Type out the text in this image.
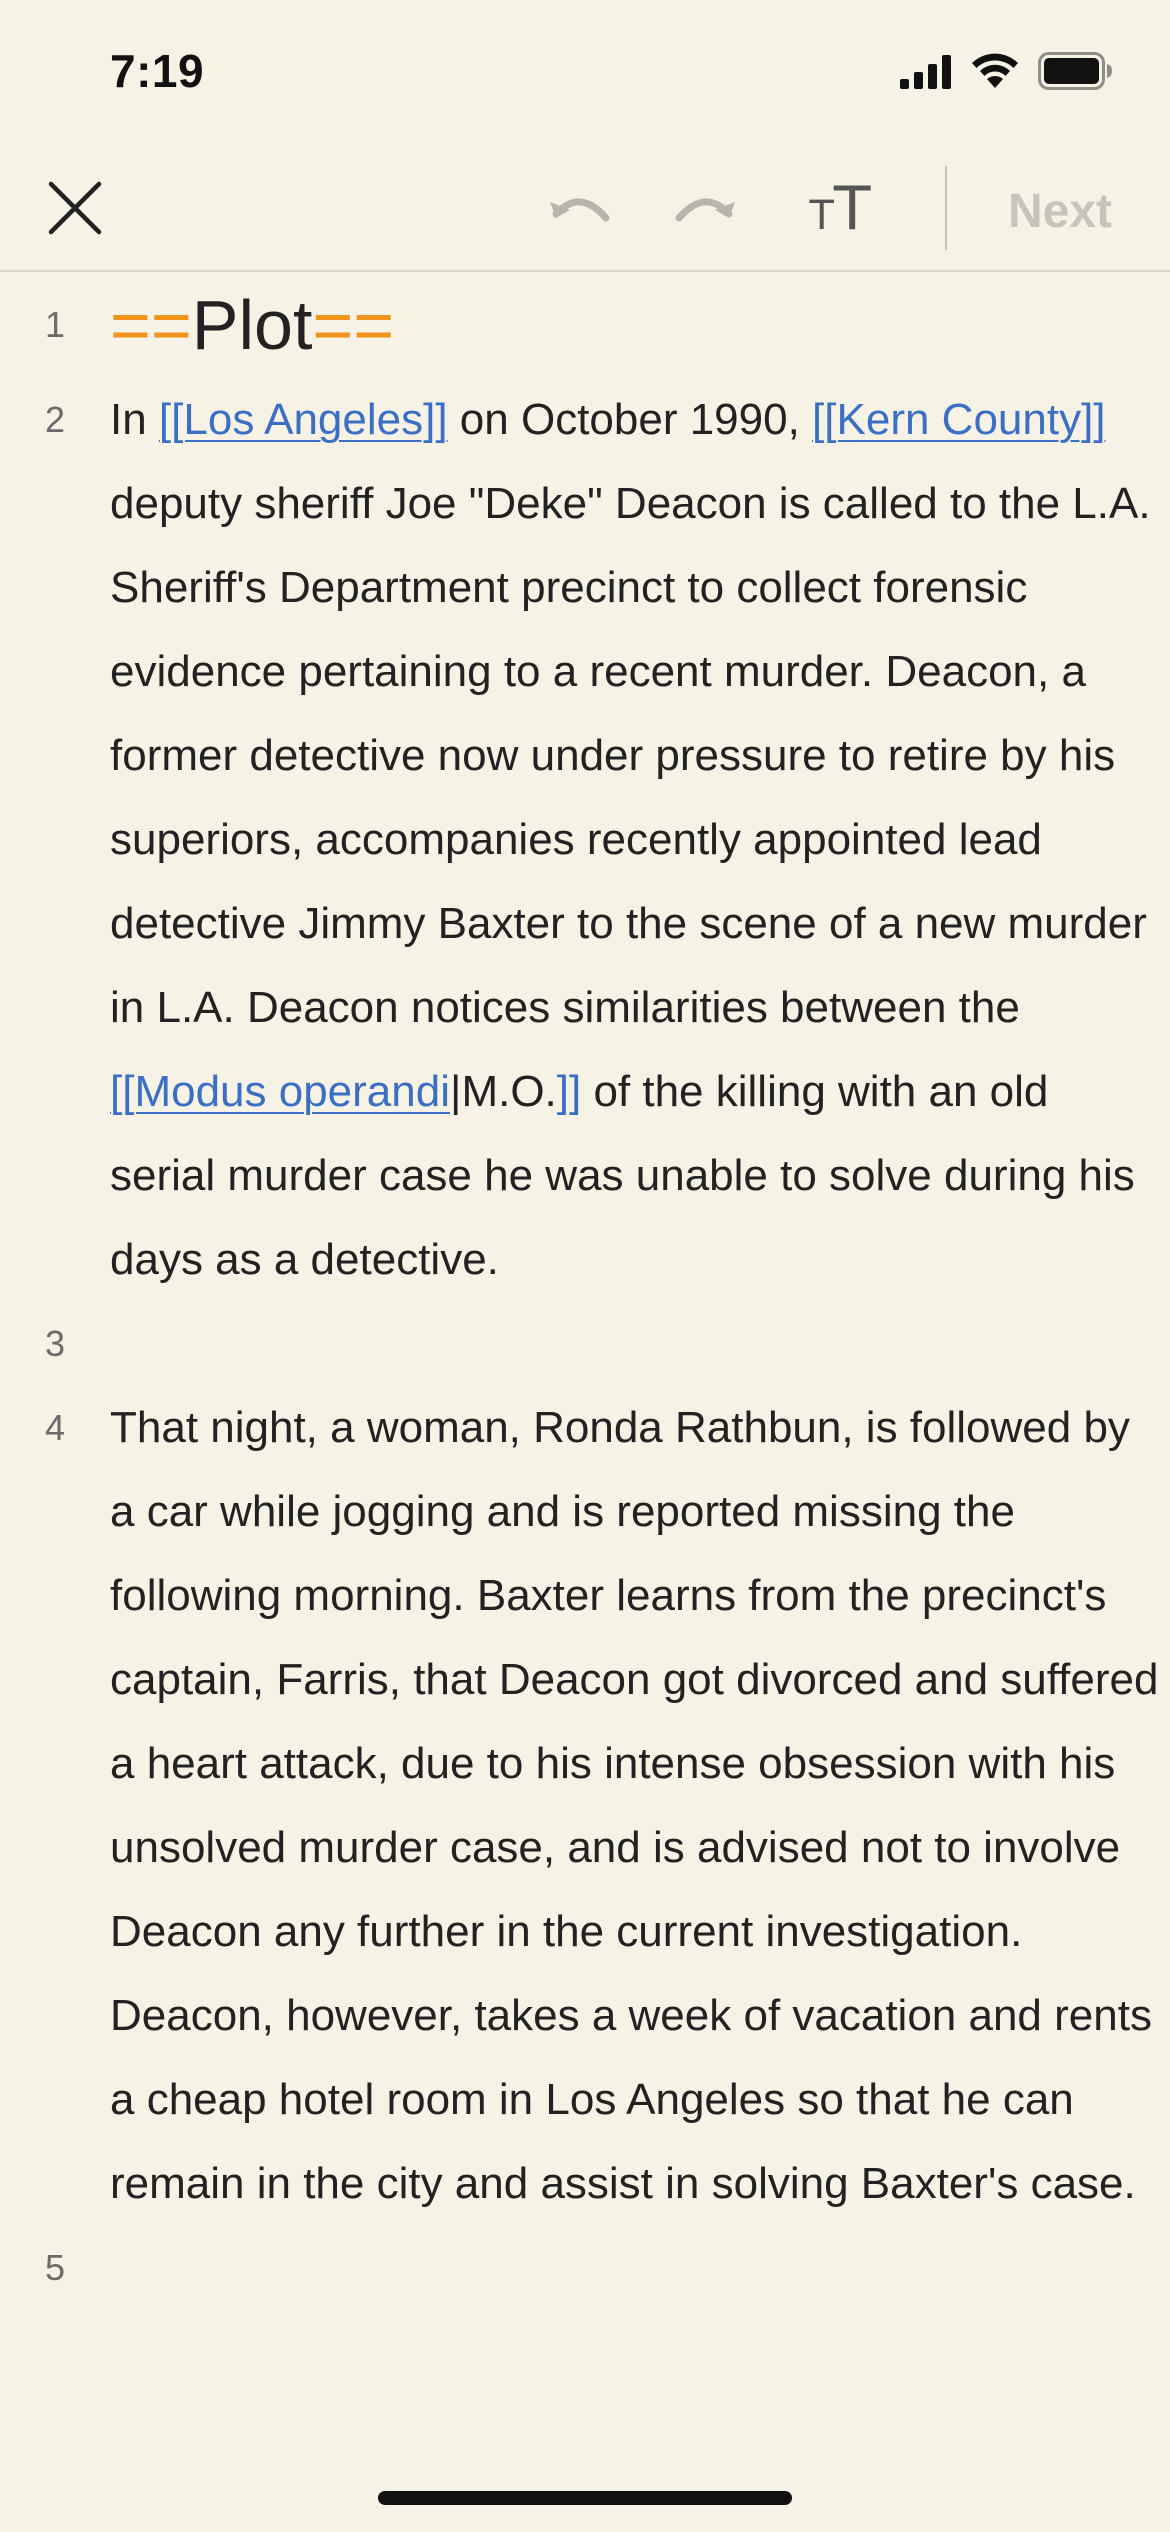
7:19
T T	Next
1 ==Plot==
2	In [[Los Angeles]] on October 1990, [[Kern County]] deputy sheriff Joe "Deke" Deacon is called to the L.A. Sheriff's Department precinct to collect forensic evidence pertaining to a recent murder. Deacon, a former detective now under pressure to retire by his superiors, accompanies recently appointed lead detective Jimmy Baxter to the scene of a new murder in L.A. Deacon notices similarities between the [[Modus operandi|M.O.]] of the killing with an old serial murder case he was unable to solve during his days as a detective.
3
4	That night, a woman, Ronda Rathbun, is followed by a car while jogging and is reported missing the following morning. Baxter learns from the precinct's captain, Farris, that Deacon got divorced and suffered a heart attack, due to his intense obsession with his unsolved murder case, and is advised not to involve Deacon any further in the current investigation. Deacon, however, takes a week of vacation and rents a cheap hotel room in Los Angeles so that he can remain in the city and assist in solving Baxter's case.
5
